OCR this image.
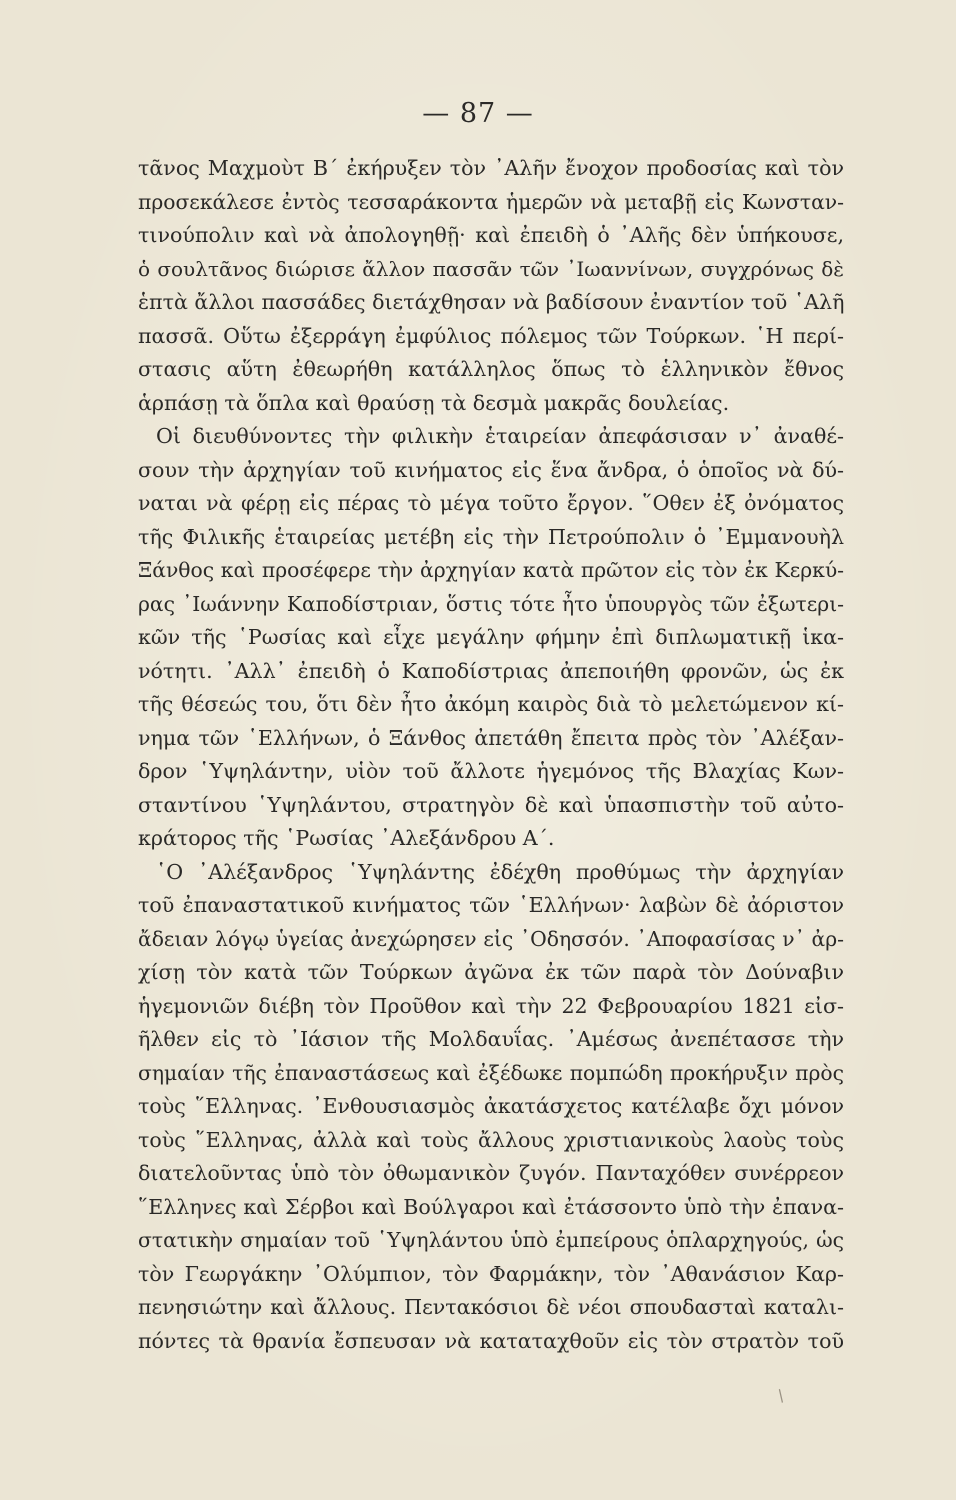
— 87 —
τᾶνος Μαχμοὺτ Β΄ ἐκήρυξεν τὸν ᾿Αλῆν ἔνοχον προδοσίας καὶ τὸν
προσεκάλεσε ἐντὸς τεσσαράκοντα ἡμερῶν νὰ μεταβῇ εἰς Κωνσταν-
τινούπολιν καὶ νὰ ἀπολογηθῇ· καὶ ἐπειδὴ ὁ ᾿Αλῆς δὲν ὑπήκουσε,
ὁ σουλτᾶνος διώρισε ἄλλον πασσᾶν τῶν ᾿Ιωαννίνων, συγχρόνως δὲ
ἑπτὰ ἄλλοι πασσάδες διετάχθησαν νὰ βαδίσουν ἐναντίον τοῦ ῾Αλῆ
πασσᾶ. Οὕτω ἐξερράγη ἐμφύλιος πόλεμος τῶν Τούρκων. ῾Η περί-
στασις αὕτη ἐθεωρήθη κατάλληλος ὅπως τὸ ἑλληνικὸν ἔθνος
ἁρπάσῃ τὰ ὅπλα καὶ θραύσῃ τὰ δεσμὰ μακρᾶς δουλείας.
Οἱ διευθύνοντες τὴν φιλικὴν ἑταιρείαν ἀπεφάσισαν ν᾿ ἀναθέ-
σουν τὴν ἀρχηγίαν τοῦ κινήματος εἰς ἕνα ἄνδρα, ὁ ὁποῖος νὰ δύ-
ναται νὰ φέρῃ εἰς πέρας τὸ μέγα τοῦτο ἔργον. ῞Οθεν ἐξ ὀνόματος
τῆς Φιλικῆς ἑταιρείας μετέβη εἰς τὴν Πετρούπολιν ὁ ᾿Εμμανουὴλ
Ξάνθος καὶ προσέφερε τὴν ἀρχηγίαν κατὰ πρῶτον εἰς τὸν ἐκ Κερκύ-
ρας ᾿Ιωάννην Καποδίστριαν, ὅστις τότε ἦτο ὑπουργὸς τῶν ἐξωτερι-
κῶν τῆς ῾Ρωσίας καὶ εἶχε μεγάλην φήμην ἐπὶ διπλωματικῇ ἱκα-
νότητι. ᾿Αλλ᾿ ἐπειδὴ ὁ Καποδίστριας ἀπεποιήθη φρονῶν, ὡς ἐκ
τῆς θέσεώς του, ὅτι δὲν ἦτο ἀκόμη καιρὸς διὰ τὸ μελετώμενον κί-
νημα τῶν ῾Ελλήνων, ὁ Ξάνθος ἀπετάθη ἔπειτα πρὸς τὸν ᾿Αλέξαν-
δρον ῾Υψηλάντην, υἱὸν τοῦ ἄλλοτε ἡγεμόνος τῆς Βλαχίας Κων-
σταντίνου ῾Υψηλάντου, στρατηγὸν δὲ καὶ ὑπασπιστὴν τοῦ αὐτο-
κράτορος τῆς ῾Ρωσίας ᾿Αλεξάνδρου Α΄.
῾Ο ᾿Αλέξανδρος ῾Υψηλάντης ἐδέχθη προθύμως τὴν ἀρχηγίαν
τοῦ ἐπαναστατικοῦ κινήματος τῶν ῾Ελλήνων· λαβὼν δὲ ἀόριστον
ἄδειαν λόγῳ ὑγείας ἀνεχώρησεν εἰς ᾿Οδησσόν. ᾿Αποφασίσας ν᾿ ἀρ-
χίσῃ τὸν κατὰ τῶν Τούρκων ἀγῶνα ἐκ τῶν παρὰ τὸν Δούναβιν
ἡγεμονιῶν διέβη τὸν Προῦθον καὶ τὴν 22 Φεβρουαρίου 1821 εἰσ-
ῆλθεν εἰς τὸ ᾿Ιάσιον τῆς Μολδαυΐας. ᾿Αμέσως ἀνεπέτασσε τὴν
σημαίαν τῆς ἐπαναστάσεως καὶ ἐξέδωκε πομπώδη προκήρυξιν πρὸς
τοὺς ῞Ελληνας. ᾿Ενθουσιασμὸς ἀκατάσχετος κατέλαβε ὄχι μόνον
τοὺς ῞Ελληνας, ἀλλὰ καὶ τοὺς ἄλλους χριστιανικοὺς λαοὺς τοὺς
διατελοῦντας ὑπὸ τὸν ὀθωμανικὸν ζυγόν. Πανταχόθεν συνέρρεον
῞Ελληνες καὶ Σέρβοι καὶ Βούλγαροι καὶ ἐτάσσοντο ὑπὸ τὴν ἐπανα-
στατικὴν σημαίαν τοῦ ῾Υψηλάντου ὑπὸ ἐμπείρους ὁπλαρχηγούς, ὡς
τὸν Γεωργάκην ᾿Ολύμπιον, τὸν Φαρμάκην, τὸν ᾿Αθανάσιον Καρ-
πενησιώτην καὶ ἄλλους. Πεντακόσιοι δὲ νέοι σπουδασταὶ καταλι-
πόντες τὰ θρανία ἔσπευσαν νὰ καταταχθοῦν εἰς τὸν στρατὸν τοῦ
/
